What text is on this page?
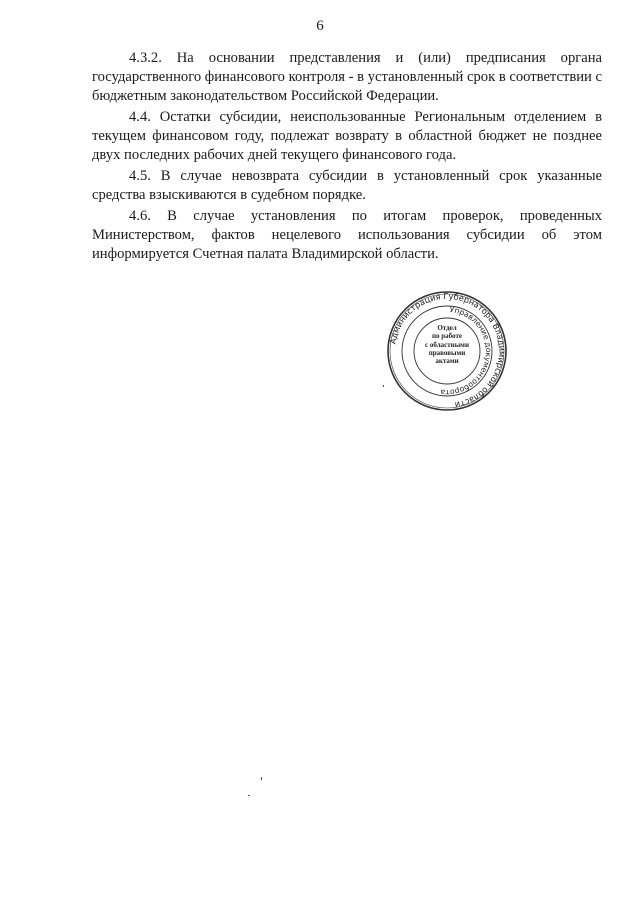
6

4.3.2. На основании представления и (или) предписания органа государственного финансового контроля - в установленный срок в соответствии с бюджетным законодательством Российской Федерации.

4.4. Остатки субсидии, неиспользованные Региональным отделением в текущем финансовом году, подлежат возврату в областной бюджет не позднее двух последних рабочих дней текущего финансового года.

4.5. В случае невозврата субсидии в установленный срок указанные средства взыскиваются в судебном порядке.

4.6. В случае установления по итогам проверок, проведенных Министерством, фактов нецелевого использования субсидии об этом информируется Счетная палата Владимирской области.

Администрация Губернатора Владимирской области
Управление документооборота
Отдел
по работе
с областными
правовыми
актами
